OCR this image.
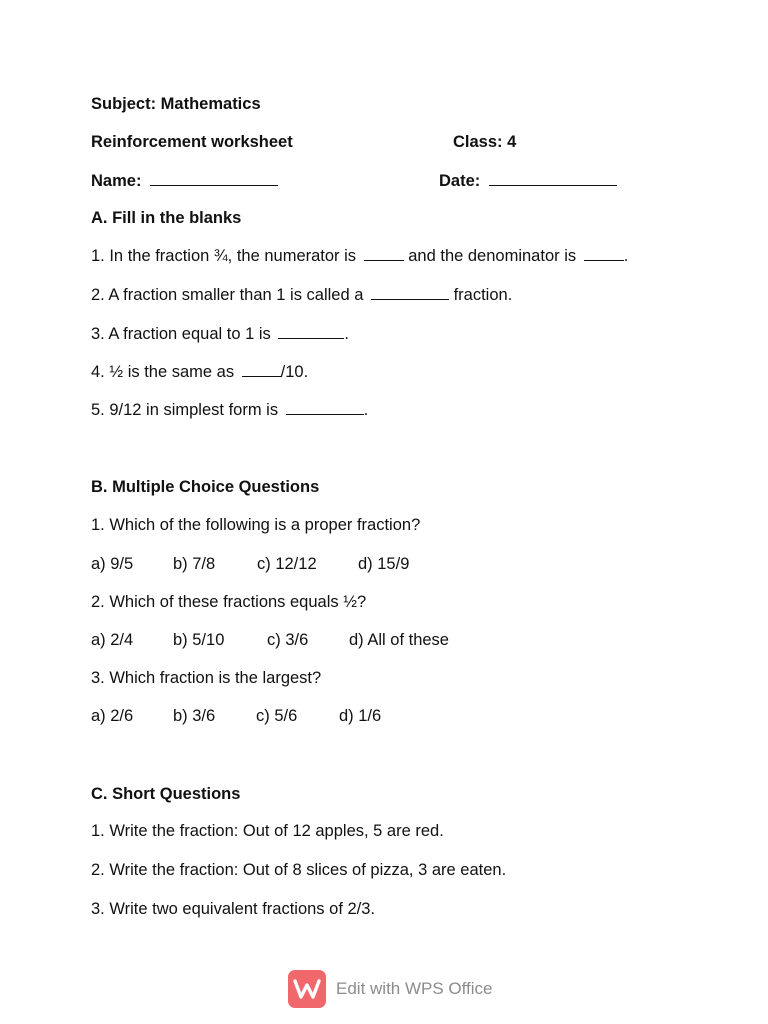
Subject: Mathematics
Reinforcement worksheet	Class: 4
Name:	Date:
A. Fill in the blanks
1. In the fraction ¾, the numerator is	and the denominator is	.
2. A fraction smaller than 1 is called a	fraction.
3. A fraction equal to 1 is	.
4. ½ is the same as	/10.
5. 9/12 in simplest form is	.
B. Multiple Choice Questions
1. Which of the following is a proper fraction?
a) 9/5 b) 7/8	c) 12/12	d) 15/9
2. Which of these fractions equals ½?
a) 2/4 b) 5/10	c) 3/6 d) All of these
3. Which fraction is the largest?
a) 2/6 b) 3/6 c) 5/6	d) 1/6
C. Short Questions
1. Write the fraction: Out of 12 apples, 5 are red.
2. Write the fraction: Out of 8 slices of pizza, 3 are eaten.
3. Write two equivalent fractions of 2/3.
Edit with WPS Office
